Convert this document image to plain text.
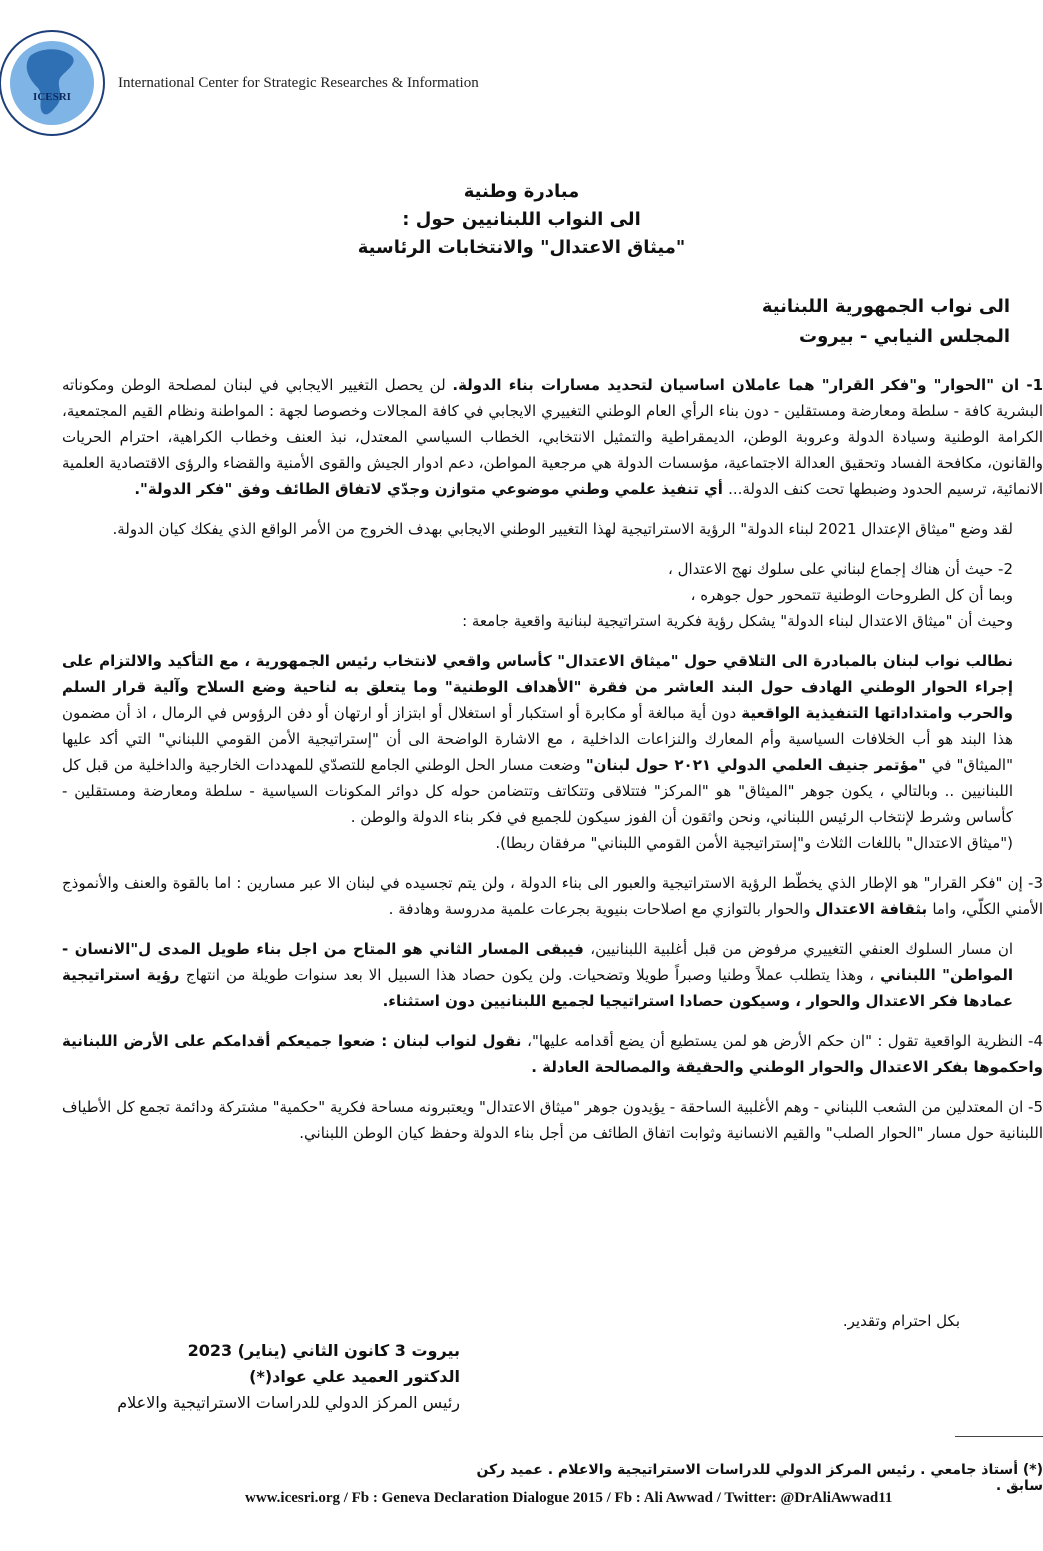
ICESRI
International Center for Strategic Researches & Information
مبادرة وطنية
الى النواب اللبنانيين حول :
"ميثاق الاعتدال" والانتخابات الرئاسية
الى نواب الجمهورية اللبنانية
المجلس النيابي - بيروت

1- ان "الحوار" و"فكر القرار" هما عاملان اساسيان لتحديد مسارات بناء الدولة. لن يحصل التغيير الايجابي في لبنان لمصلحة الوطن ومكوناته البشرية كافة - سلطة ومعارضة ومستقلين - دون بناء الرأي العام الوطني التغييري الايجابي في كافة المجالات وخصوصا لجهة : المواطنة ونظام القيم المجتمعية، الكرامة الوطنية وسيادة الدولة وعروبة الوطن، الديمقراطية والتمثيل الانتخابي، الخطاب السياسي المعتدل، نبذ العنف وخطاب الكراهية، احترام الحريات والقانون، مكافحة الفساد وتحقيق العدالة الاجتماعية، مؤسسات الدولة هي مرجعية المواطن، دعم ادوار الجيش والقوى الأمنية والقضاء والرؤى الاقتصادية العلمية الانمائية، ترسيم الحدود وضبطها تحت كنف الدولة... أي تنفيذ علمي وطني موضوعي متوازن وجدّي لاتفاق الطائف وفق "فكر الدولة".

لقد وضع "ميثاق الإعتدال 2021 لبناء الدولة" الرؤية الاستراتيجية لهذا التغيير الوطني الايجابي بهدف الخروج من الأمر الواقع الذي يفكك كيان الدولة.

2- حيث أن هناك إجماع لبناني على سلوك نهج الاعتدال ،
وبما أن كل الطروحات الوطنية تتمحور حول جوهره ،
وحيث أن "ميثاق الاعتدال لبناء الدولة" يشكل رؤية فكرية استراتيجية لبنانية واقعية جامعة :

نطالب نواب لبنان بالمبادرة الى التلاقي حول "ميثاق الاعتدال" كأساس واقعي لانتخاب رئيس الجمهورية ، مع التأكيد والالتزام على إجراء الحوار الوطني الهادف حول البند العاشر من فقرة "الأهداف الوطنية" وما يتعلق به لناحية وضع السلاح وآلية قرار السلم والحرب وامتداداتها التنفيذية الواقعية دون أية مبالغة أو مكابرة أو استكبار أو استغلال أو ابتزاز أو ارتهان أو دفن الرؤوس في الرمال ، اذ أن مضمون هذا البند هو أب الخلافات السياسية وأم المعارك والنزاعات الداخلية ، مع الاشارة الواضحة الى أن "إستراتيجية الأمن القومي اللبناني" التي أكد عليها "الميثاق" في "مؤتمر جنيف العلمي الدولي ٢٠٢١ حول لبنان" وضعت مسار الحل الوطني الجامع للتصدّي للمهددات الخارجية والداخلية من قبل كل اللبنانيين .. وبالتالي ، يكون جوهر "الميثاق" هو "المركز" فتتلاقى وتتكاتف وتتضامن حوله كل دوائر المكونات السياسية - سلطة ومعارضة ومستقلين - كأساس وشرط لإنتخاب الرئيس اللبناني، ونحن واثقون أن الفوز سيكون للجميع في فكر بناء الدولة والوطن .
("ميثاق الاعتدال" باللغات الثلاث و"إستراتيجية الأمن القومي اللبناني" مرفقان ربطا).

3- إن "فكر القرار" هو الإطار الذي يخطّط الرؤية الاستراتيجية والعبور الى بناء الدولة ، ولن يتم تجسيده في لبنان الا عبر مسارين : اما بالقوة والعنف والأنموذج الأمني الكلّي، واما بثقافة الاعتدال والحوار بالتوازي مع اصلاحات بنيوية بجرعات علمية مدروسة وهادفة .

ان مسار السلوك العنفي التغييري مرفوض من قبل أغلبية اللبنانيين، فيبقى المسار الثاني هو المتاح من اجل بناء طويل المدى ل"الانسان - المواطن" اللبناني ، وهذا يتطلب عملاً وطنيا وصبراً طويلا وتضحيات. ولن يكون حصاد هذا السبيل الا بعد سنوات طويلة من انتهاج رؤية استراتيجية عمادها فكر الاعتدال والحوار ، وسيكون حصادا استراتيجيا لجميع اللبنانيين دون استثناء.

4- النظرية الواقعية تقول : "ان حكم الأرض هو لمن يستطيع أن يضع أقدامه عليها"، نقول لنواب لبنان : ضعوا جميعكم أقدامكم على الأرض اللبنانية واحكموها بفكر الاعتدال والحوار الوطني والحقيقة والمصالحة العادلة .

5- ان المعتدلين من الشعب اللبناني - وهم الأغلبية الساحقة - يؤيدون جوهر "ميثاق الاعتدال" ويعتبرونه مساحة فكرية "حكمية" مشتركة ودائمة تجمع كل الأطياف اللبنانية حول مسار "الحوار الصلب" والقيم الانسانية وثوابت اتفاق الطائف من أجل بناء الدولة وحفظ كيان الوطن اللبناني.

بكل احترام وتقدير.
بيروت 3 كانون الثاني (يناير) 2023
الدكتور العميد علي عواد(*)
رئيس المركز الدولي للدراسات الاستراتيجية والاعلام
(*) أستاذ جامعي . رئيس المركز الدولي للدراسات الاستراتيجية والاعلام . عميد ركن سابق .
www.icesri.org / Fb : Geneva Declaration Dialogue 2015 / Fb : Ali Awwad / Twitter: @DrAliAwwad11
